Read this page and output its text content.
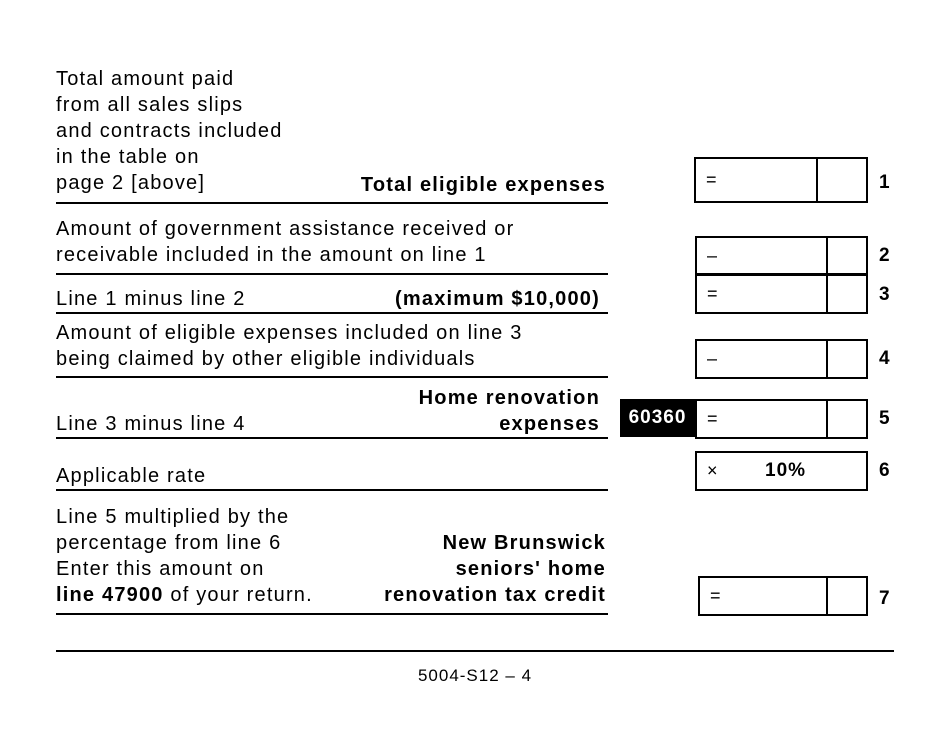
Total amount paid
from all sales slips
and contracts included
in the table on
page 2 [above]	Total eligible expenses	=	1
Amount of government assistance received or
receivable included in the amount on line 1	–	2
Line 1 minus line 2	(maximum $10,000)	=	3
Amount of eligible expenses included on line 3
being claimed by other eligible individuals	–	4
Line 3 minus line 4
Home renovation
expenses	60360	=	5
Applicable rate	× 10%	6
Line 5 multiplied by the
percentage from line 6
Enter this amount on
line 47900 of your return.
New Brunswick
seniors' home
renovation tax credit	=	7
5004-S12 – 4
